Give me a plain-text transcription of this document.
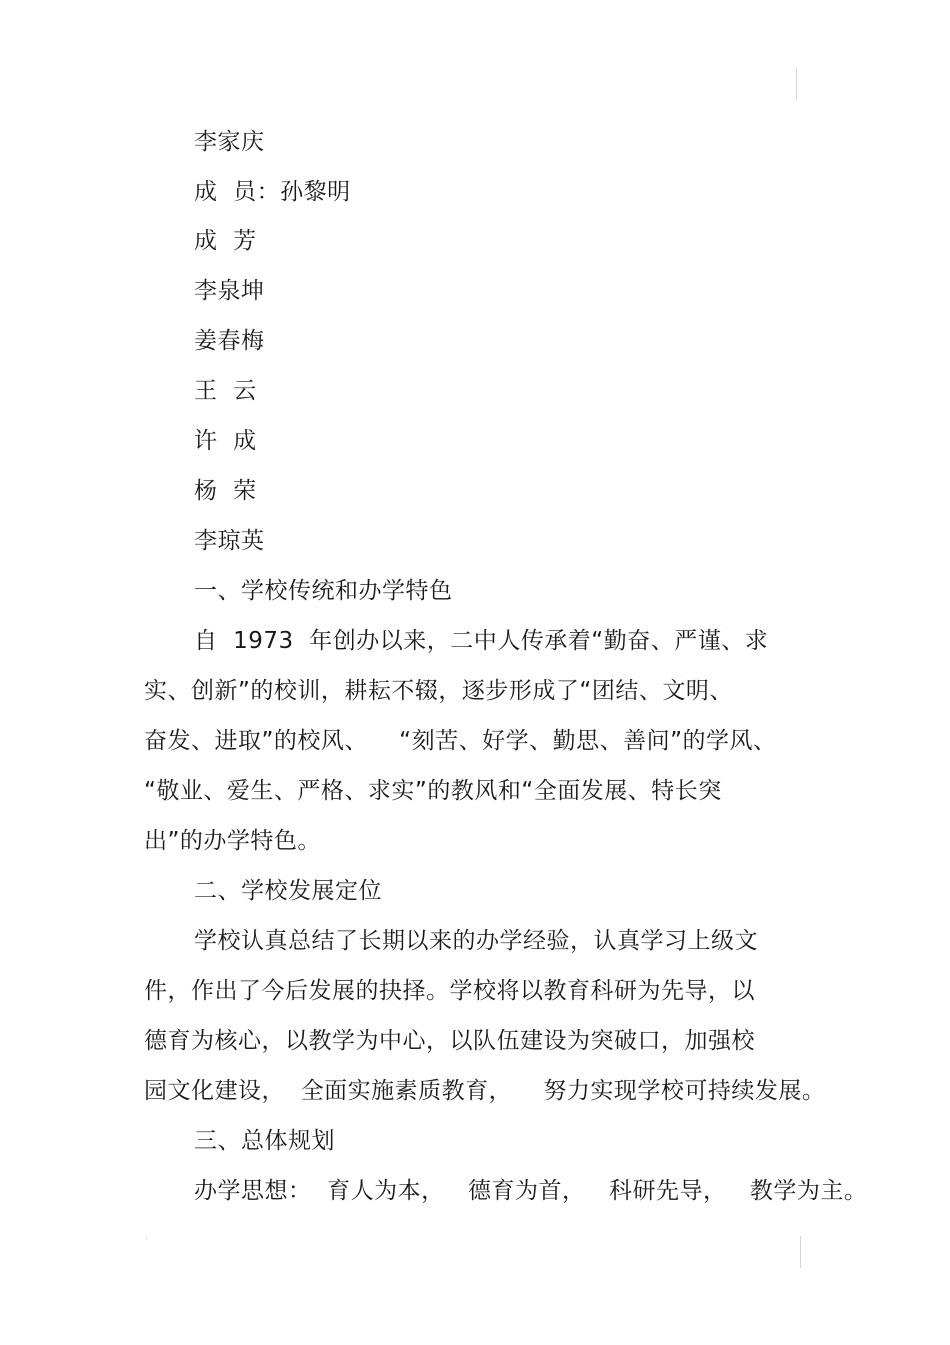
李家庆
成  员：孙黎明
成  芳
李泉坤
姜春梅
王  云
许  成
杨  荣
李琼英
一、学校传统和办学特色
自  1973  年创办以来，二中人传承着“勤奋、严谨、求
实、创新”的校训，耕耘不辍，逐步形成了“团结、文明、
奋发、进取”的校风、    “刻苦、好学、勤思、善问”的学风、
“敬业、爱生、严格、求实”的教风和“全面发展、特长突
出”的办学特色。
二、学校发展定位
学校认真总结了长期以来的办学经验，认真学习上级文
件，作出了今后发展的抉择。学校将以教育科研为先导，以
德育为核心，以教学为中心，以队伍建设为突破口，加强校
园文化建设，  全面实施素质教育，    努力实现学校可持续发展。
三、总体规划
办学思想：  育人为本，   德育为首，   科研先导，   教学为主。
